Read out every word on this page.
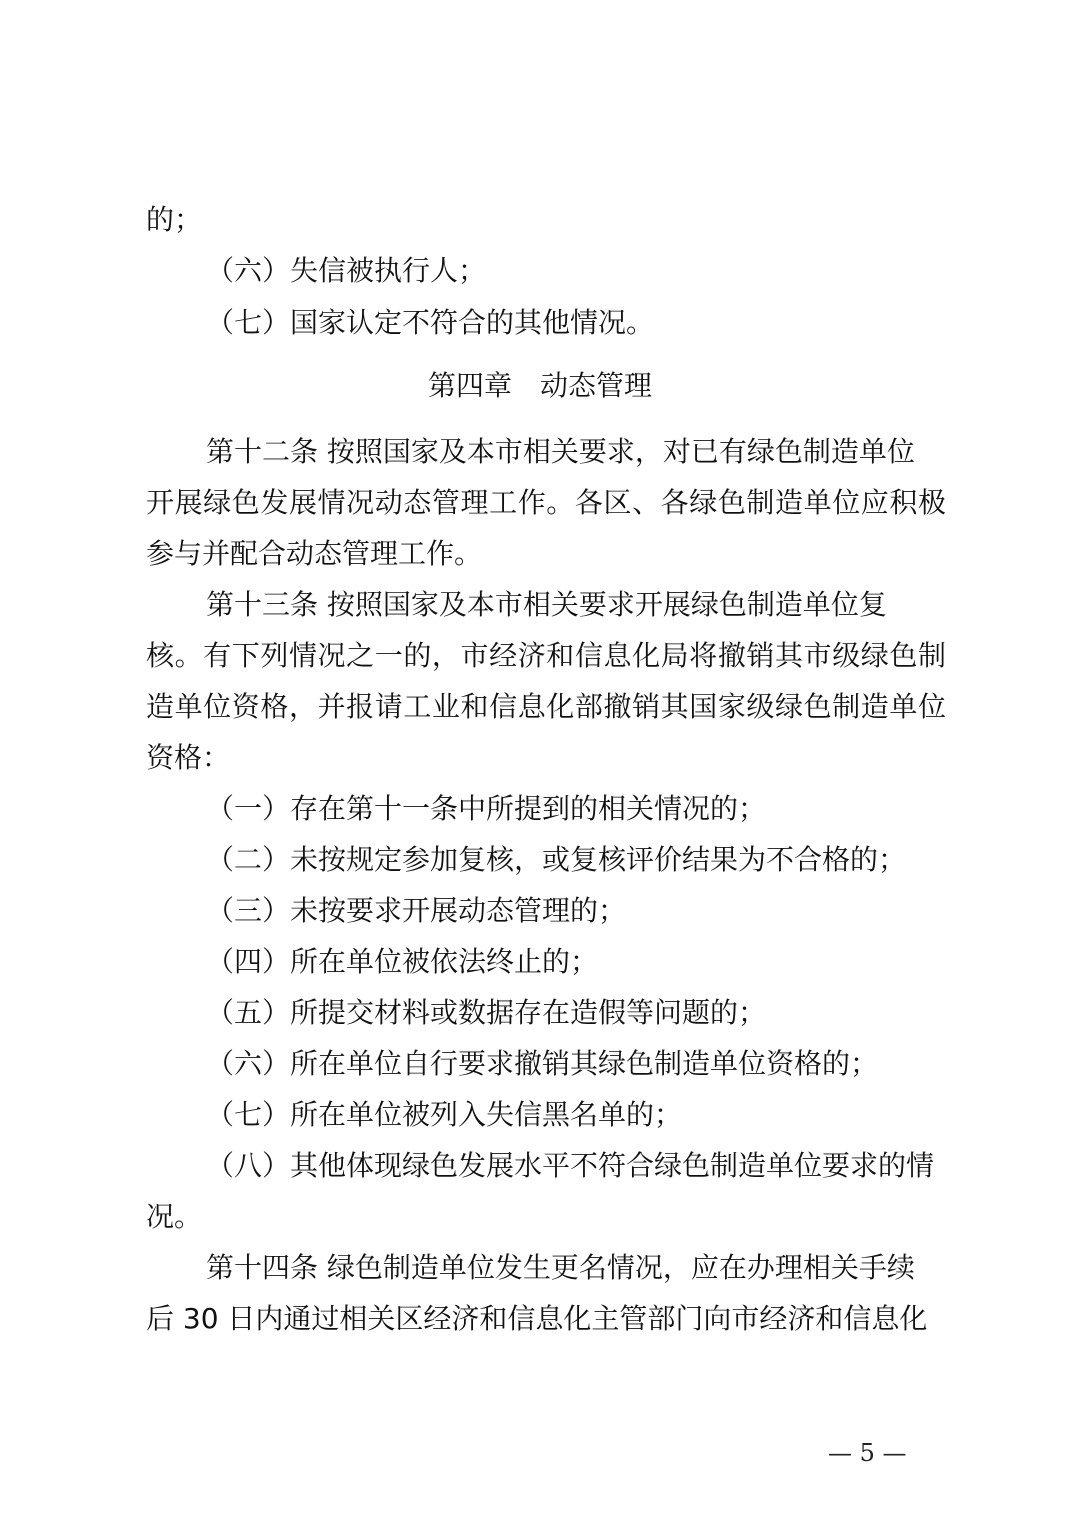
的；
（六）失信被执行人；
（七）国家认定不符合的其他情况。
第四章 动态管理
第十二条 按照国家及本市相关要求，对已有绿色制造单位
开展绿色发展情况动态管理工作。各区、各绿色制造单位应积极
参与并配合动态管理工作。
第十三条 按照国家及本市相关要求开展绿色制造单位复
核。有下列情况之一的，市经济和信息化局将撤销其市级绿色制
造单位资格，并报请工业和信息化部撤销其国家级绿色制造单位
资格：
（一）存在第十一条中所提到的相关情况的；
（二）未按规定参加复核，或复核评价结果为不合格的；
（三）未按要求开展动态管理的；
（四）所在单位被依法终止的；
（五）所提交材料或数据存在造假等问题的；
（六）所在单位自行要求撤销其绿色制造单位资格的；
（七）所在单位被列入失信黑名单的；
（八）其他体现绿色发展水平不符合绿色制造单位要求的情
况。
第十四条 绿色制造单位发生更名情况，应在办理相关手续
后 30 日内通过相关区经济和信息化主管部门向市经济和信息化
— 5 —
